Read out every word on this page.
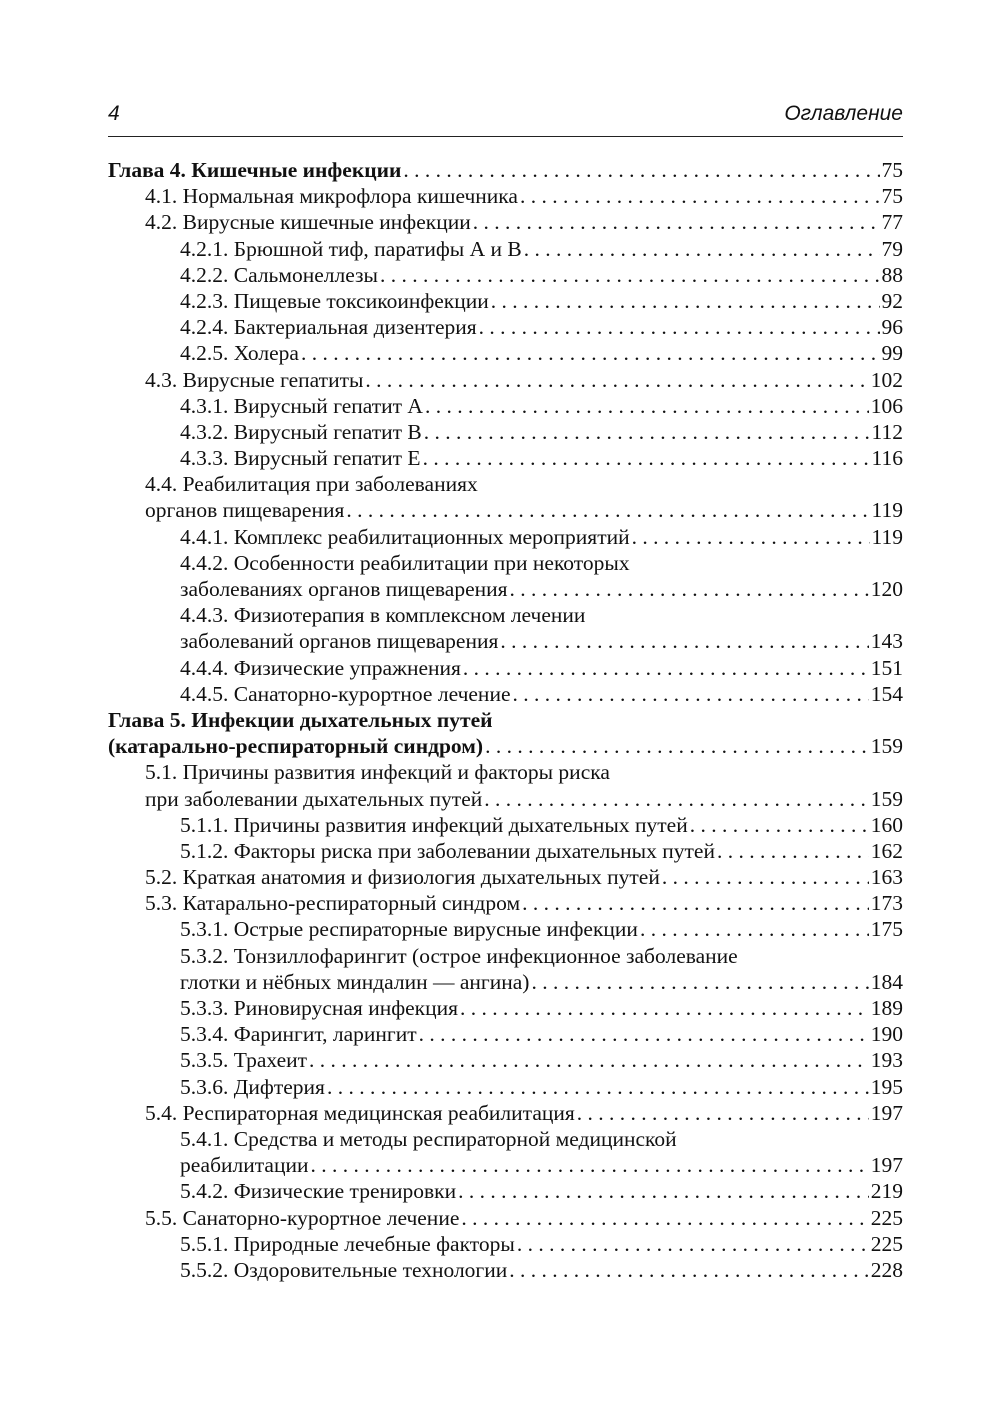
4	Оглавление
Глава 4. Кишечные инфекции . . .	75
4.1. Нормальная микрофлора кишечника . . .	75
4.2. Вирусные кишечные инфекции . . .	77
4.2.1. Брюшной тиф, паратифы А и В . . .	79
4.2.2. Сальмонеллезы . . .	88
4.2.3. Пищевые токсикоинфекции . . .	92
4.2.4. Бактериальная дизентерия . . .	96
4.2.5. Холера . . .	99
4.3. Вирусные гепатиты . . .	102
4.3.1. Вирусный гепатит А . . .	106
4.3.2. Вирусный гепатит В . . .	112
4.3.3. Вирусный гепатит Е . . .	116
4.4. Реабилитация при заболеваниях
органов пищеварения . . .	119
4.4.1. Комплекс реабилитационных мероприятий . . .	119
4.4.2. Особенности реабилитации при некоторых
заболеваниях органов пищеварения . . .	120
4.4.3. Физиотерапия в комплексном лечении
заболеваний органов пищеварения . . .	143
4.4.4. Физические упражнения . . .	151
4.4.5. Санаторно-курортное лечение . . .	154
Глава 5. Инфекции дыхательных путей
(катарально-респираторный синдром) . . .	159
5.1. Причины развития инфекций и факторы риска
при заболевании дыхательных путей . . .	159
5.1.1. Причины развития инфекций дыхательных путей . . .	160
5.1.2. Факторы риска при заболевании дыхательных путей . . .	162
5.2. Краткая анатомия и физиология дыхательных путей . . .	163
5.3. Катарально-респираторный синдром . . .	173
5.3.1. Острые респираторные вирусные инфекции . . .	175
5.3.2. Тонзиллофарингит (острое инфекционное заболевание
глотки и нёбных миндалин — ангина) . . .	184
5.3.3. Риновирусная инфекция . . .	189
5.3.4. Фарингит, ларингит . . .	190
5.3.5. Трахеит . . .	193
5.3.6. Дифтерия . . .	195
5.4. Респираторная медицинская реабилитация . . .	197
5.4.1. Средства и методы респираторной медицинской
реабилитации . . .	197
5.4.2. Физические тренировки . . .	219
5.5. Санаторно-курортное лечение . . .	225
5.5.1. Природные лечебные факторы . . .	225
5.5.2. Оздоровительные технологии . . .	228
